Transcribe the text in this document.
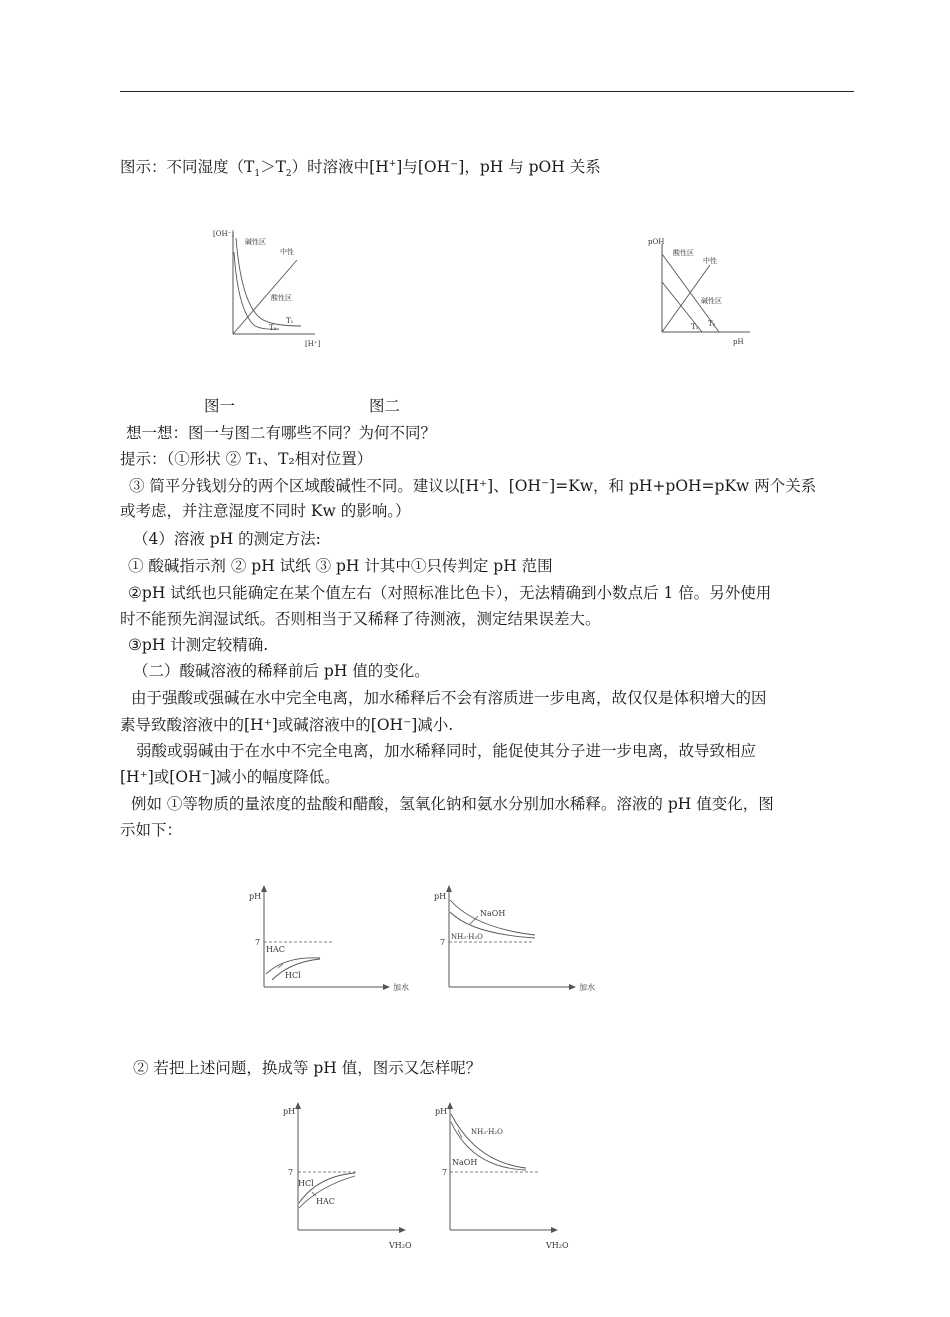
图示：不同湿度$(T_1>T_2)$时溶液中[H+]与[OH⁻]，pH 与 pOH 关系
[OH⁻]
[H⁺]
碱性区
中性
酸性区
T₂
T₁
pOH
pH
酸性区
中性
碱性区
T₁ T₂
图一	图二
想一想：图一与图二有哪些不同？为何不同？
提示：（①形状 ② T₁、T₂相对位置）
③ 简平分钱划分的两个区域酸碱性不同。建议以[H⁺]、[OH⁻]=Kw，和 pH+pOH=pKw 两个关系
或考虑，并注意湿度不同时 Kw 的影响。）
（4）溶液 pH 的测定方法:
① 酸碱指示剂 ② pH 试纸 ③ pH 计其中①只传判定 pH 范围
②pH 试纸也只能确定在某个值左右（对照标准比色卡），无法精确到小数点后 1 倍。另外使用
时不能预先润湿试纸。否则相当于又稀释了待测液，测定结果误差大。
③pH 计测定较精确.
（二）酸碱溶液的稀释前后 pH 值的变化。
由于强酸或强碱在水中完全电离，加水稀释后不会有溶质进一步电离，故仅仅是体积增大的因
素导致酸溶液中的[H⁺]或碱溶液中的[OH⁻]减小.
弱酸或弱碱由于在水中不完全电离，加水稀释同时，能促使其分子进一步电离，故导致相应
[H⁺]或[OH⁻]减小的幅度降低。
例如 ①等物质的量浓度的盐酸和醋酸，氢氧化钠和氨水分别加水稀释。溶液的 pH 值变化，图
示如下：
pH
7
HAC
HCl
加水
pH
7
NaOH
NH₃·H₂O
加水
② 若把上述问题，换成等 pH 值，图示又怎样呢？
pH
7
HCl
HAC
VH₂O
pH
7
NH₃·H₂O
NaOH
VH₂O
